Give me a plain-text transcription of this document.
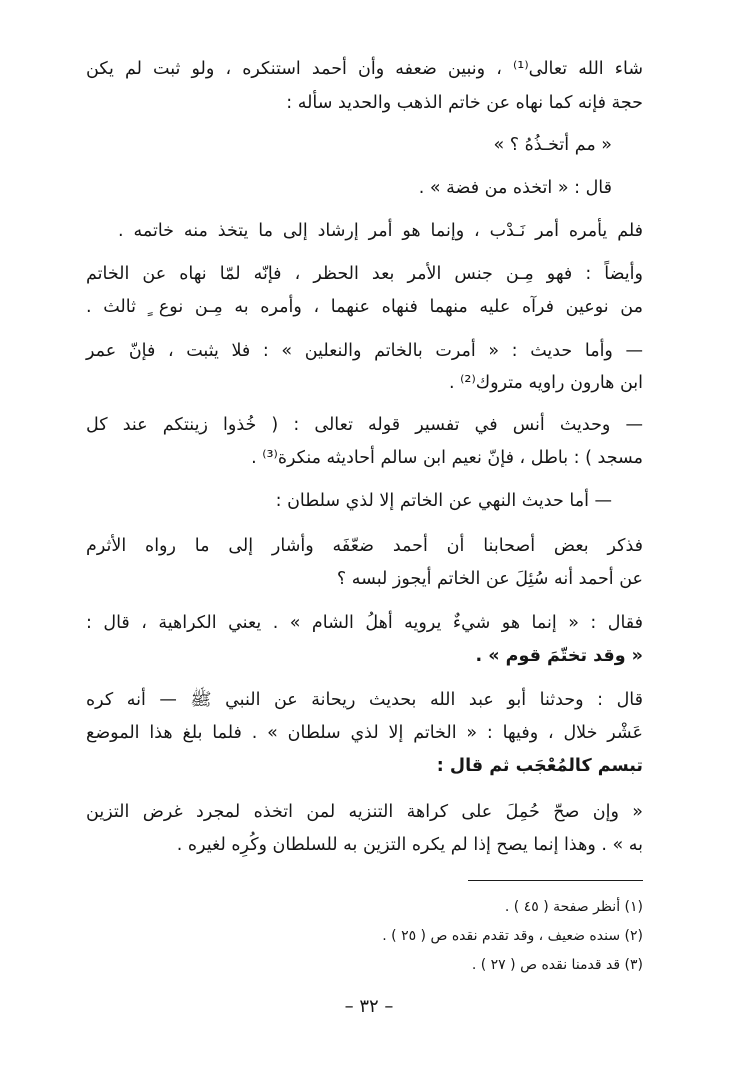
شاء الله تعالى⁽¹⁾ ، ونبين ضعفه وأن أحمد استنكره ، ولو ثبت لم يكن
حجة فإنه كما نهاه عن خاتم الذهب والحديد سأله :
« مم أتخـذُهُ ؟ »
قال : « اتخذه من فضة » .
فلم يأمره أمر نَـدْب ، وإنما هو أمر إرشاد إلى ما يتخذ منه خاتمه .
وأيضاً : فهو مِـن جنس الأمر بعد الحظر ، فإنّه لمّا نهاه عن الخاتم
من نوعين فرآه عليه منهما فنهاه عنهما ، وأمره به مِـن نوع ٍ ثالث .
— وأما حديث : « أمرت بالخاتم والنعلين » : فلا يثبت ، فإنّ عمر
ابن هارون راويه متروك⁽²⁾ .
— وحديث أنس في تفسير قوله تعالى : ( خُذوا زينتكم عند كل
مسجد ) : باطل ، فإنّ نعيم ابن سالم أحاديثه منكرة⁽³⁾ .
— أما حديث النهي عن الخاتم إلا لذي سلطان :
فذكر بعض أصحابنا أن أحمد ضعّفَه وأشار إلى ما رواه الأثرم
عن أحمد أنه سُئِلَ عن الخاتم أيجوز لبسه ؟
فقال : « إنما هو شيءٌ يرويه أهلُ الشام » . يعني الكراهية ، قال :
« وقد تختّمَ قوم » .
قال : وحدثنا أبو عبد الله بحديث ريحانة عن النبي ﷺ — أنه كره
عَشْر خلال ، وفيها : « الخاتم إلا لذي سلطان » . فلما بلغ هذا الموضع
تبسم كالمُعْجَب ثم قال :
« وإن صحّ حُمِلَ على كراهة التنزيه لمن اتخذه لمجرد غرض التزين
به » . وهذا إنما يصح إذا لم يكره التزين به للسلطان وكُرِه لغيره .
(١) أنظر صفحة ( ٤٥ ) .
(٢) سنده ضعيف ، وقد تقدم نقده ص ( ٢٥ ) .
(٣) قد قدمنا نقده ص ( ٢٧ ) .
– ٣٢ –
